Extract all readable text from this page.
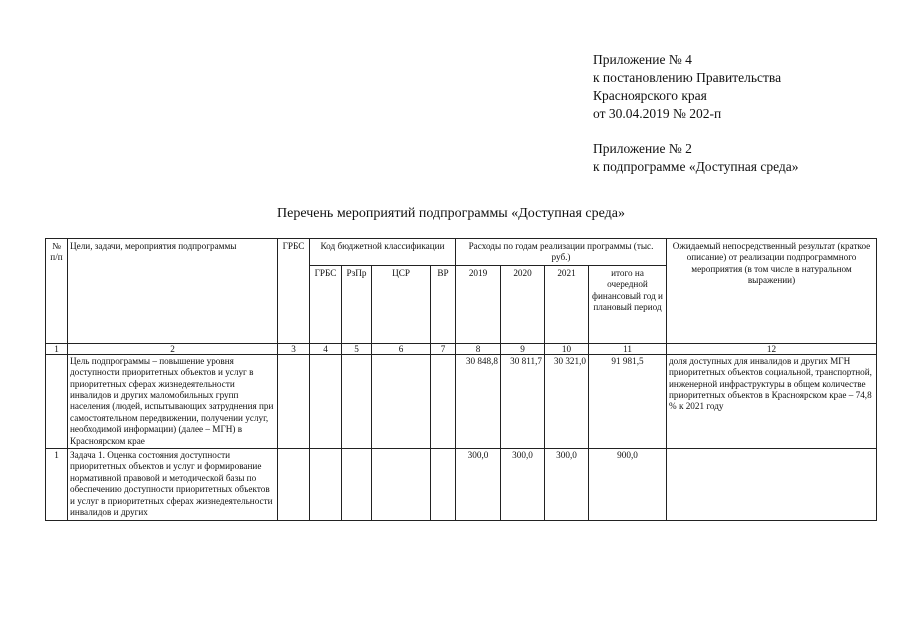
Приложение № 4
к постановлению Правительства
Красноярского края
от 30.04.2019 № 202-п
Приложение № 2
к подпрограмме «Доступная среда»
Перечень мероприятий подпрограммы «Доступная среда»
№ п/п	Цели, задачи, мероприятия подпрограммы	ГРБС	Код бюджетной классификации				Расходы по годам реализации программы (тыс. руб.)				Ожидаемый непосредственный результат (краткое описание) от реализации подпрограммного мероприятия (в том числе в натуральном выражении)
			ГРБС	РзПр	ЦСР	ВР	2019	2020	2021	итого на очередной финансовый год и плановый период	
1	2	3	4	5	6	7	8	9	10	11	12
	Цель подпрограммы – повышение уровня доступности приоритетных объектов и услуг в приоритетных сферах жизнедеятельности инвалидов и других маломобильных групп населения (людей, испытывающих затруднения при самостоятельном передвижении, получении услуг, необходимой информации) (далее – МГН) в Красноярском крае						30 848,8	30 811,7	30 321,0	91 981,5	доля доступных для инвалидов и других МГН приоритетных объектов социальной, транспортной, инженерной инфраструктуры в общем количестве приоритетных объектов в Красноярском крае – 74,8 % к 2021 году
1	Задача 1. Оценка состояния доступности приоритетных объектов и услуг и формирование нормативной правовой и методической базы по обеспечению доступности приоритетных объектов и услуг в приоритетных сферах жизнедеятельности инвалидов и других						300,0	300,0	300,0	900,0	
